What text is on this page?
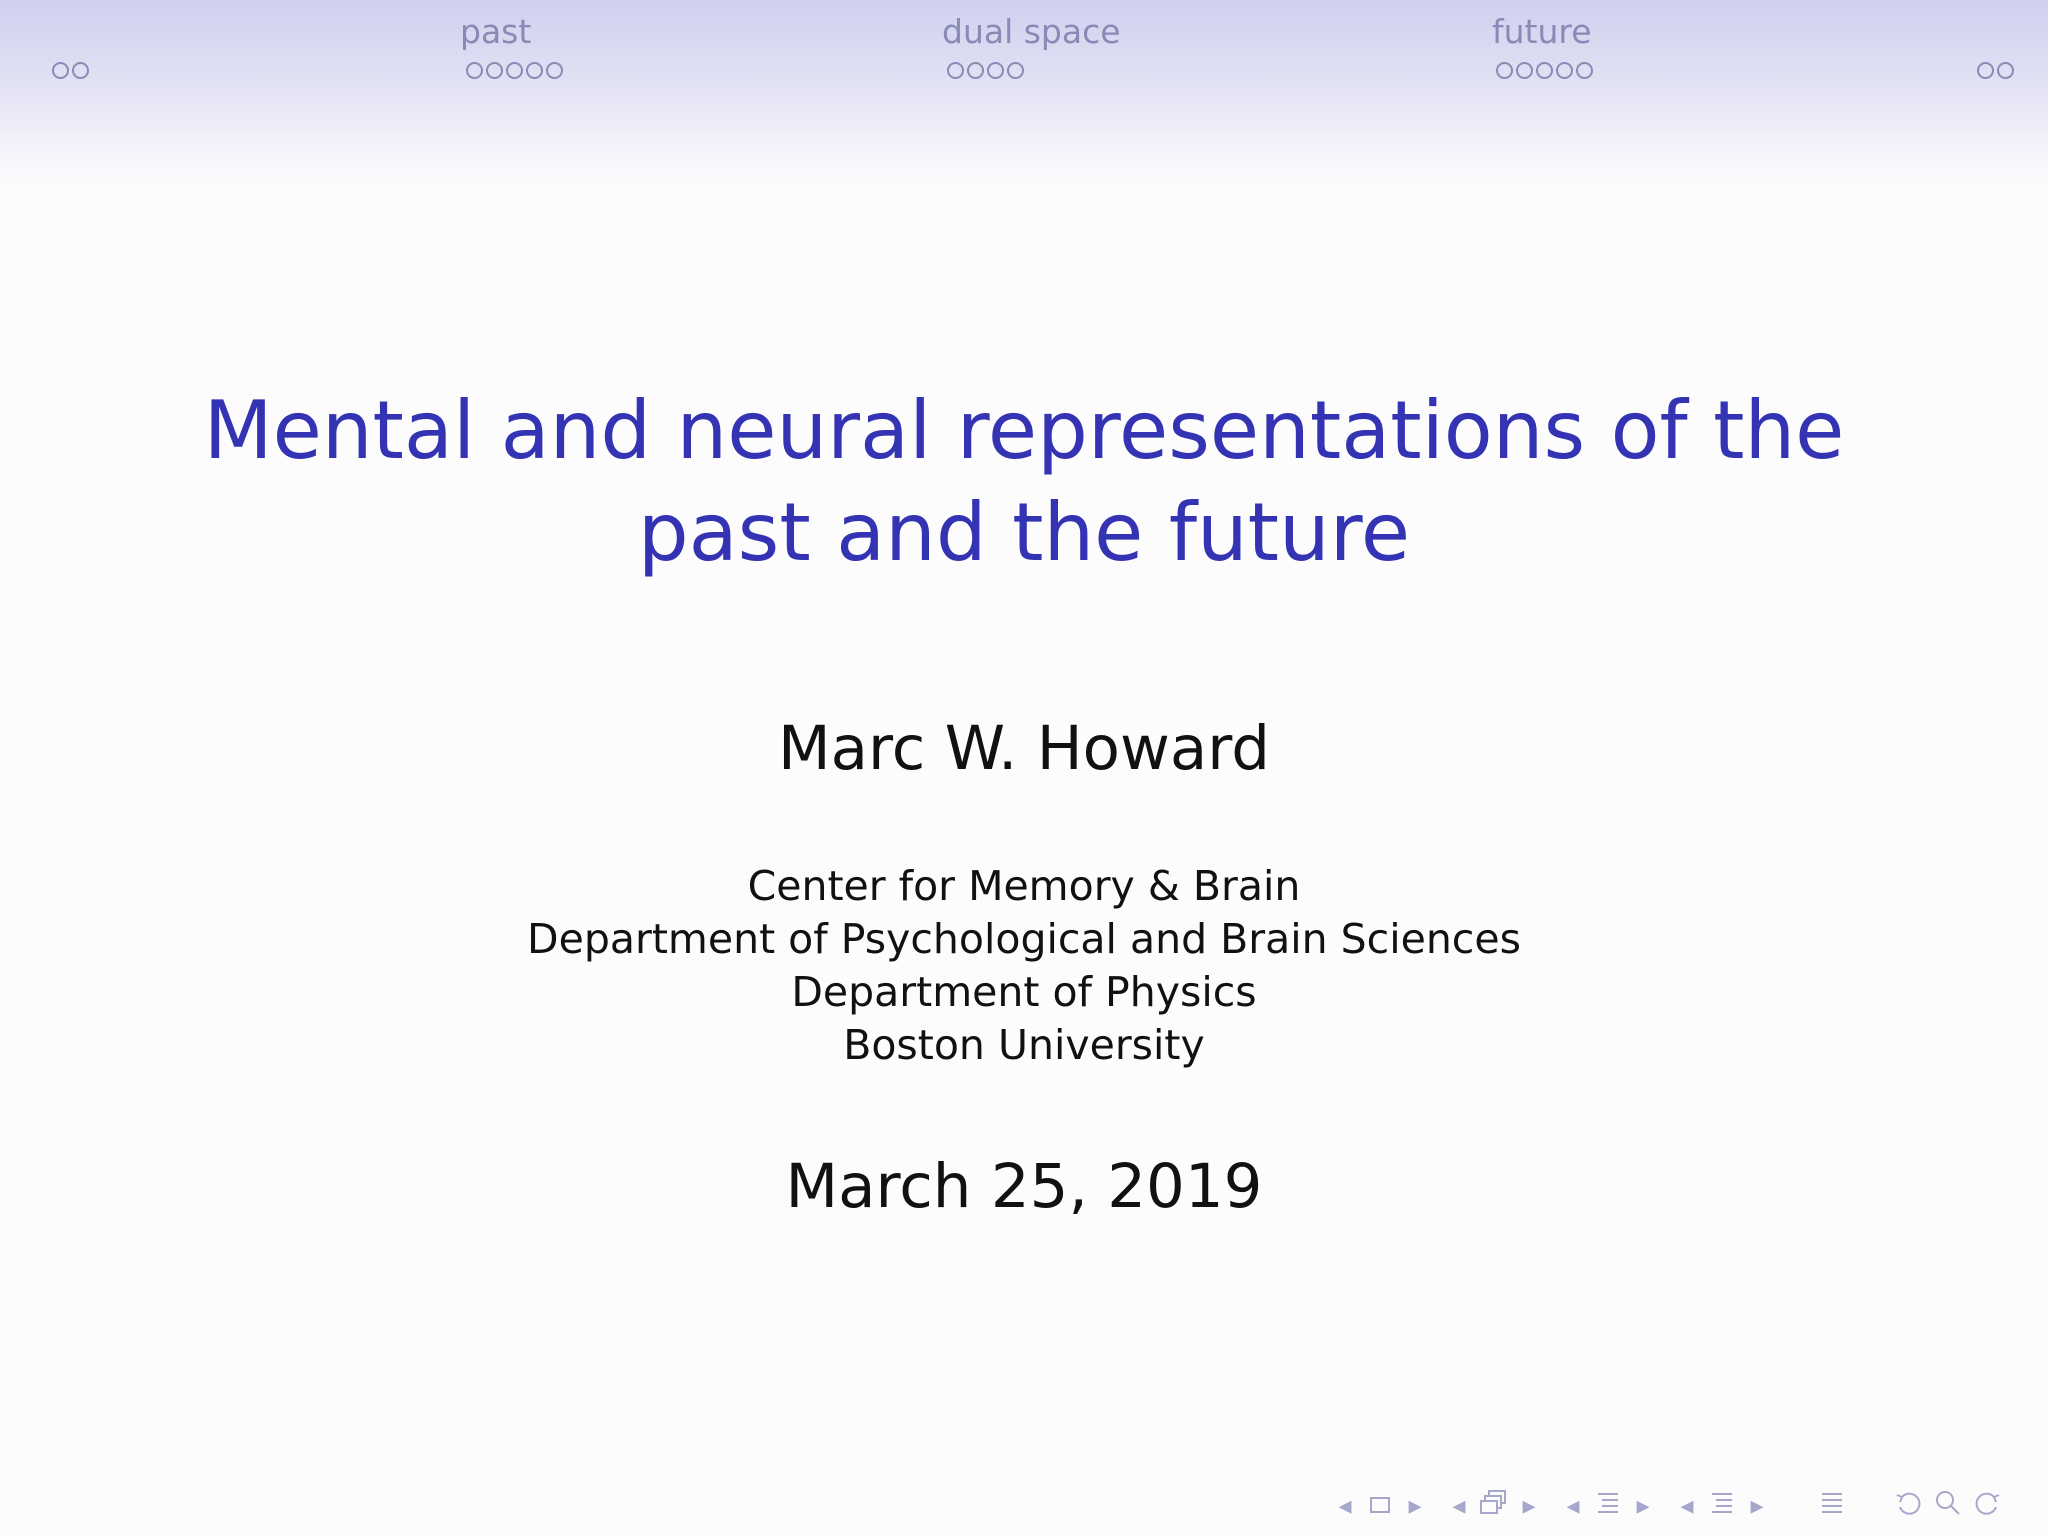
past	dual space	future
Mental and neural representations of the
past and the future
Marc W. Howard
Center for Memory & Brain
Department of Psychological and Brain Sciences
Department of Physics
Boston University
March 25, 2019
◂	▸	◂	▸	◂	▸	◂	▸
